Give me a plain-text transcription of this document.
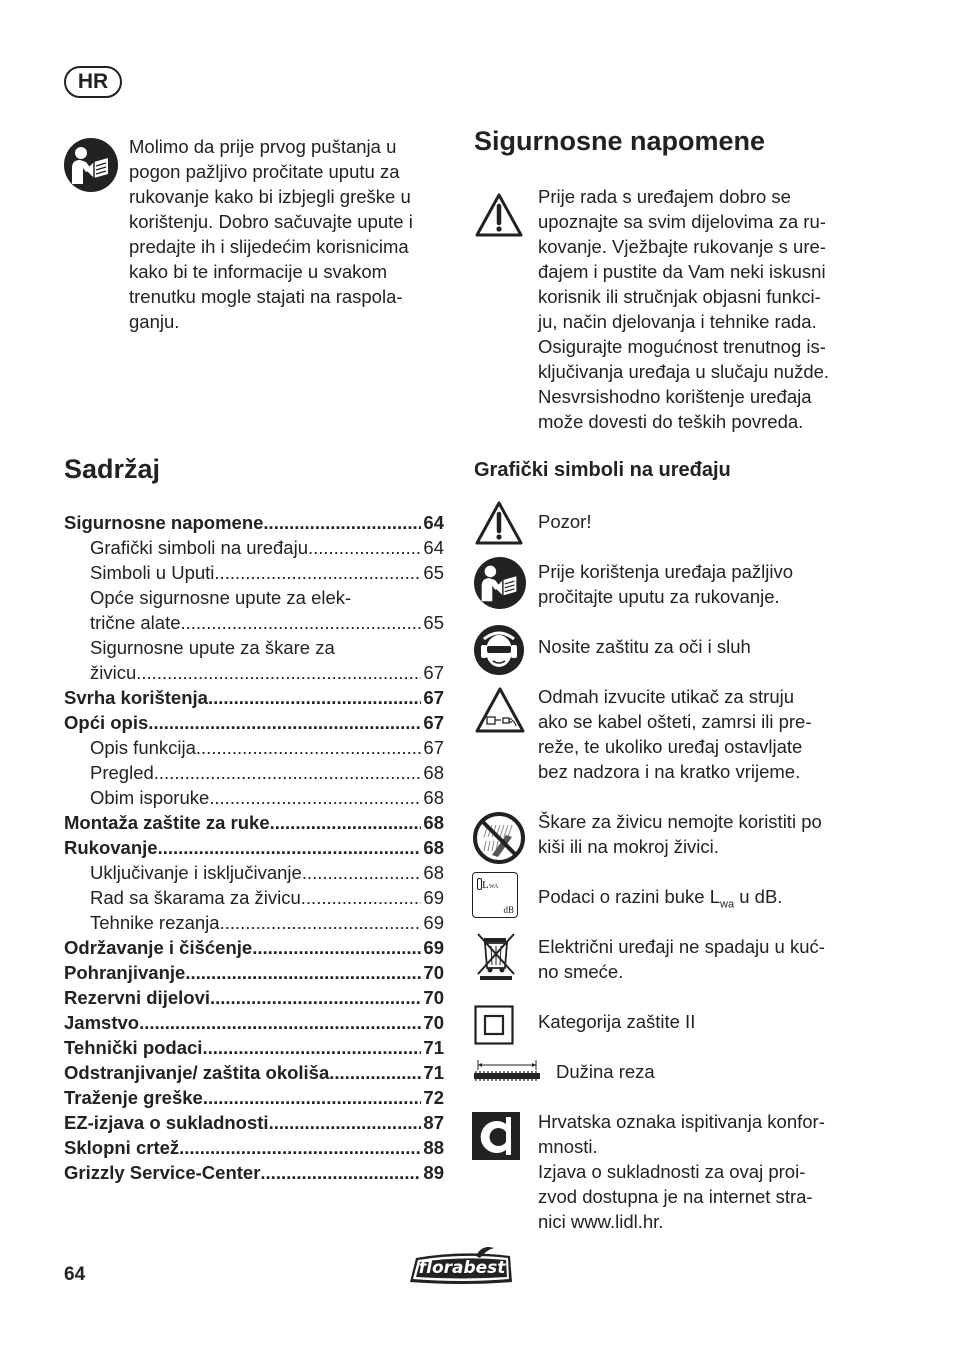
HR
Molimo da prije prvog puštanja u
pogon pažljivo pročitate uputu za
rukovanje kako bi izbjegli greške u
korištenju. Dobro sačuvajte upute i
predajte ih i slijedećim korisnicima
kako bi te informacije u svakom
trenutku mogle stajati na raspola-
ganju.
Sigurnosne napomene
Prije rada s uređajem dobro se
upoznajte sa svim dijelovima za ru-
kovanje. Vježbajte rukovanje s ure-
đajem i pustite da Vam neki iskusni
korisnik ili stručnjak objasni funkci-
ju, način djelovanja i tehnike rada.
Osigurajte mogućnost trenutnog is-
ključivanja uređaja u slučaju nužde.
Nesvrsishodno korištenje uređaja
može dovesti do teških povreda.
Sadržaj
Sigurnosne napomene .....	64
Grafički simboli na uređaju .....	64
Simboli u Uputi .....	65
Opće sigurnosne upute za elek-
trične alate .....	65
Sigurnosne upute za škare za
živicu .....	67
Svrha korištenja .....	67
Opći opis .....	67
Opis funkcija .....	67
Pregled .....	68
Obim isporuke .....	68
Montaža zaštite za ruke .....	68
Rukovanje .....	68
Uključivanje i isključivanje .....	68
Rad sa škarama za živicu .....	69
Tehnike rezanja .....	69
Održavanje i čišćenje .....	69
Pohranjivanje .....	70
Rezervni dijelovi .....	70
Jamstvo .....	70
Tehnički podaci .....	71
Odstranjivanje/ zaštita okoliša .....	71
Traženje greške .....	72
EZ-izjava o sukladnosti .....	87
Sklopni crtež .....	88
Grizzly Service-Center .....	89
Grafički simboli na uređaju
Pozor!
Prije korištenja uređaja pažljivo
pročitajte uputu za rukovanje.
Nosite zaštitu za oči i sluh
Odmah izvucite utikač za struju
ako se kabel ošteti, zamrsi ili pre-
reže, te ukoliko uređaj ostavljate
bez nadzora i na kratko vrijeme.
Škare za živicu nemojte koristiti po
kiši ili na mokroj živici.
L WA
dB
Podaci o razini buke $L_{wa}$ u dB.
Električni uređaji ne spadaju u kuć-
no smeće.
Kategorija zaštite II
Dužina reza
Hrvatska oznaka ispitivanja konfor-
mnosti.
Izjava o sukladnosti za ovaj proi-
zvod dostupna je na internet stra-
nici www.lidl.hr.
64	florabest
